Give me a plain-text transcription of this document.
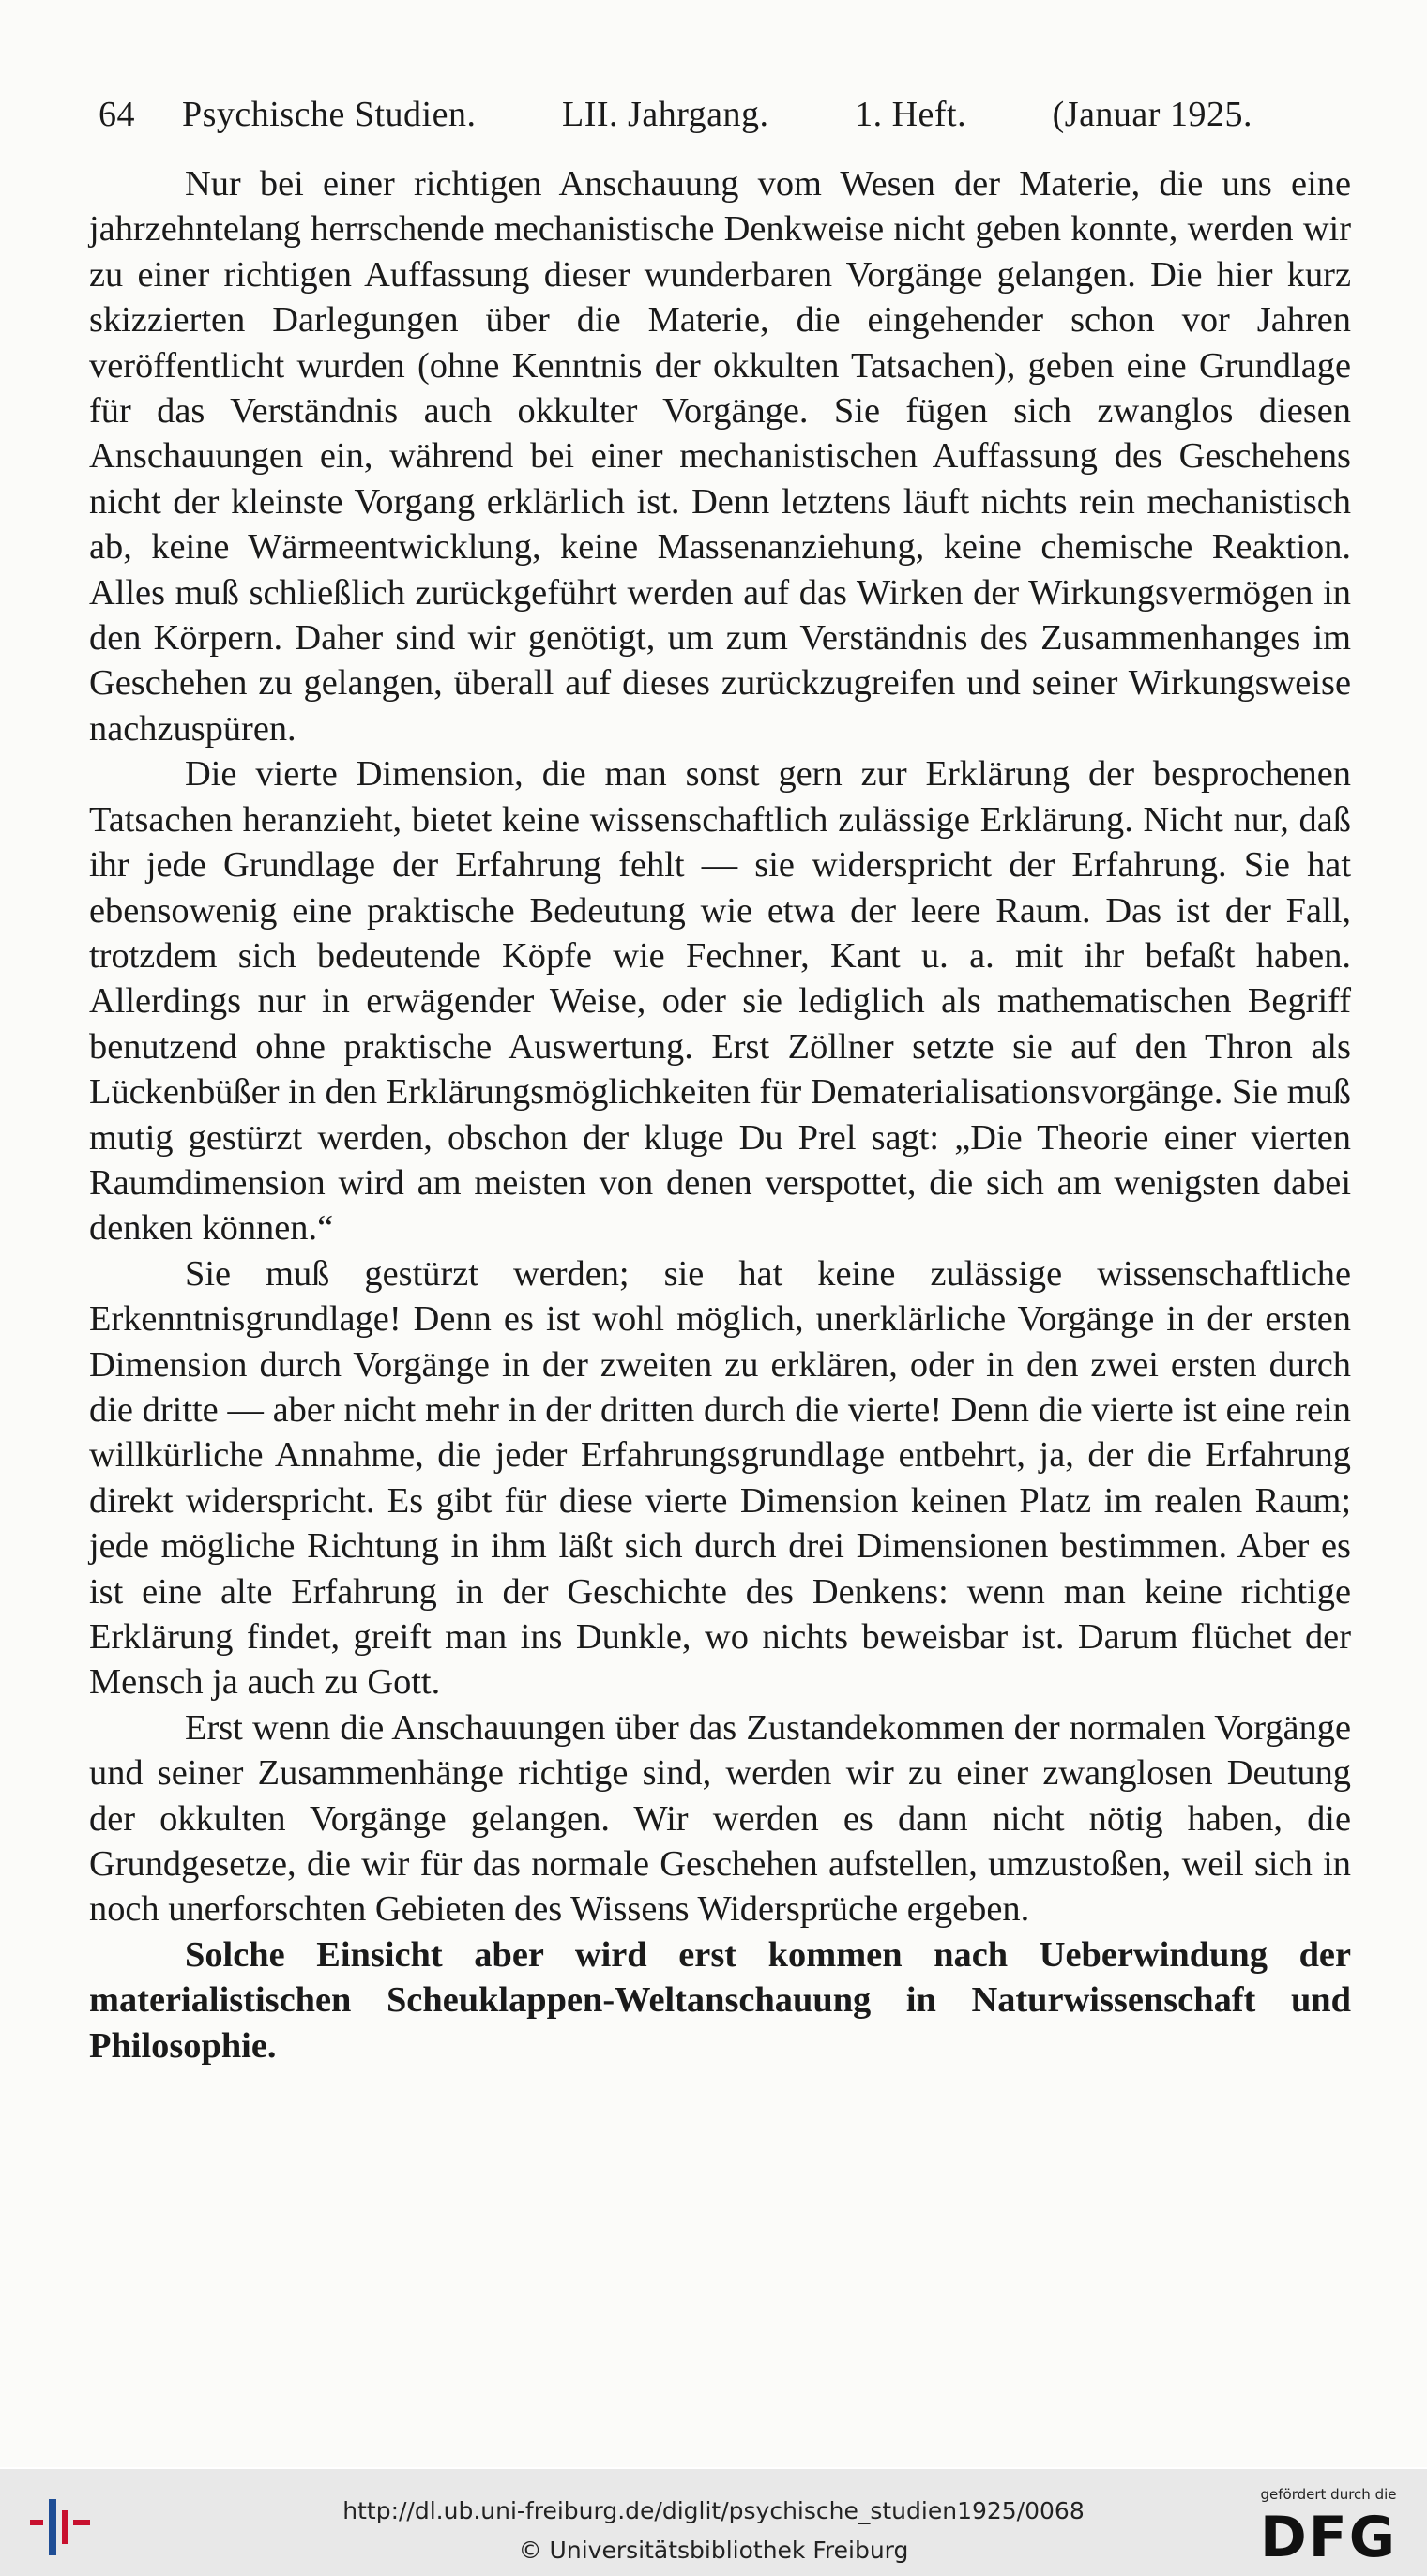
64 Psychische Studien. LII. Jahrgang. 1. Heft. (Januar 1925.

Nur bei einer richtigen Anschauung vom Wesen der Materie, die uns eine jahrzehntelang herrschende mechanistische Denkweise nicht geben konnte, werden wir zu einer richtigen Auffassung dieser wunderbaren Vorgänge gelangen. Die hier kurz skizzierten Darlegungen über die Materie, die eingehender schon vor Jahren veröffentlicht wurden (ohne Kenntnis der okkulten Tatsachen), geben eine Grundlage für das Verständnis auch okkulter Vorgänge. Sie fügen sich zwanglos diesen Anschauungen ein, während bei einer mechanistischen Auffassung des Geschehens nicht der kleinste Vorgang erklärlich ist. Denn letztens läuft nichts rein mechanistisch ab, keine Wärmeentwicklung, keine Massenanziehung, keine chemische Reaktion. Alles muß schließlich zurückgeführt werden auf das Wirken der Wirkungsvermögen in den Körpern. Daher sind wir genötigt, um zum Verständnis des Zusammenhanges im Geschehen zu gelangen, überall auf dieses zurückzugreifen und seiner Wirkungsweise nachzuspüren.

Die vierte Dimension, die man sonst gern zur Erklärung der besprochenen Tatsachen heranzieht, bietet keine wissenschaftlich zulässige Erklärung. Nicht nur, daß ihr jede Grundlage der Erfahrung fehlt — sie widerspricht der Erfahrung. Sie hat ebensowenig eine praktische Bedeutung wie etwa der leere Raum. Das ist der Fall, trotzdem sich bedeutende Köpfe wie Fechner, Kant u. a. mit ihr befaßt haben. Allerdings nur in erwägender Weise, oder sie lediglich als mathematischen Begriff benutzend ohne praktische Auswertung. Erst Zöllner setzte sie auf den Thron als Lückenbüßer in den Erklärungsmöglichkeiten für Dematerialisationsvorgänge. Sie muß mutig gestürzt werden, obschon der kluge Du Prel sagt: „Die Theorie einer vierten Raumdimension wird am meisten von denen verspottet, die sich am wenigsten dabei denken können.“

Sie muß gestürzt werden; sie hat keine zulässige wissenschaftliche Erkenntnisgrundlage! Denn es ist wohl möglich, unerklärliche Vorgänge in der ersten Dimension durch Vorgänge in der zweiten zu erklären, oder in den zwei ersten durch die dritte — aber nicht mehr in der dritten durch die vierte! Denn die vierte ist eine rein willkürliche Annahme, die jeder Erfahrungsgrundlage entbehrt, ja, der die Erfahrung direkt widerspricht. Es gibt für diese vierte Dimension keinen Platz im realen Raum; jede mögliche Richtung in ihm läßt sich durch drei Dimensionen bestimmen. Aber es ist eine alte Erfahrung in der Geschichte des Denkens: wenn man keine richtige Erklärung findet, greift man ins Dunkle, wo nichts beweisbar ist. Darum flüchet der Mensch ja auch zu Gott.

Erst wenn die Anschauungen über das Zustandekommen der normalen Vorgänge und seiner Zusammenhänge richtige sind, werden wir zu einer zwanglosen Deutung der okkulten Vorgänge gelangen. Wir werden es dann nicht nötig haben, die Grundgesetze, die wir für das normale Geschehen aufstellen, umzustoßen, weil sich in noch unerforschten Gebieten des Wissens Widersprüche ergeben.

Solche Einsicht aber wird erst kommen nach Ueberwindung der materialistischen Scheuklappen-Weltanschauung in Naturwissenschaft und Philosophie.

http://dl.ub.uni-freiburg.de/diglit/psychische_studien1925/0068
© Universitätsbibliothek Freiburg
gefördert durch die
DFG
